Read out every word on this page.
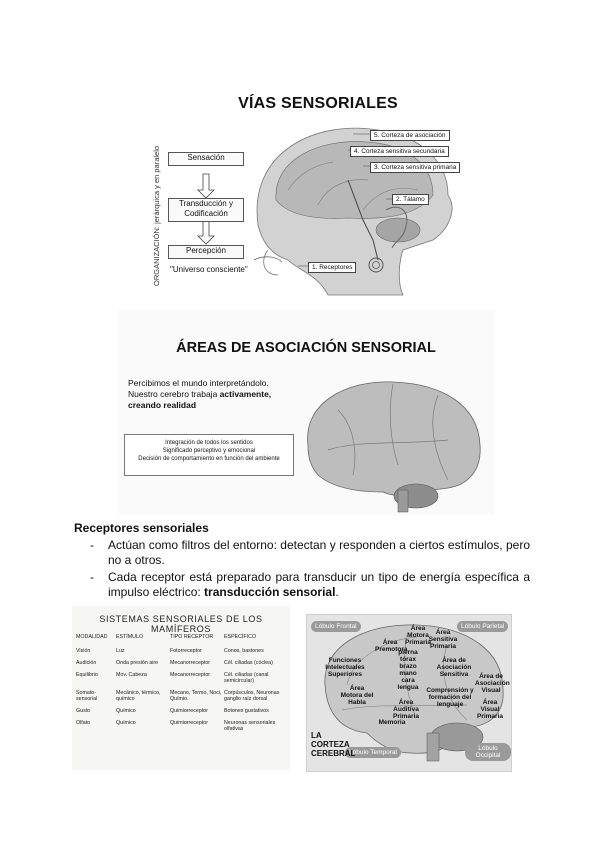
VÍAS SENSORIALES
ORGANIZACIÓN: jerárquica y en paralelo	Sensación
Transducción y Codificación
Percepción
"Universo consciente"
5. Corteza de asociación
4. Corteza sensitiva secundaria
3. Corteza sensitiva primaria
2. Tálamo
1. Receptores
ÁREAS DE ASOCIACIÓN SENSORIAL
Percibimos el mundo interpretándolo.
Nuestro cerebro trabaja activamente,
creando realidad
Integración de todos los sentidos
Significado perceptivo y emocional
Decisión de comportamiento en función del ambiente
Receptores sensoriales
- Actúan como filtros del entorno: detectan y responden a ciertos estímulos, pero no a otros.
- Cada receptor está preparado para transducir un tipo de energía específica a impulso eléctrico: transducción sensorial.
SISTEMAS SENSORIALES DE LOS MAMÍFEROS
MODALIDAD	ESTÍMULO	TIPO RECEPTOR	ESPECÍFICO
Visión	Luz	Fotorreceptor	Conos, bastones
Audición	Onda presión aire	Mecanorreceptor	Cél. ciliadas (cóclea)
Equilibrio	Mov. Cabeza	Mecanorreceptor	Cél. ciliadas (canal semicircular)
Somato-sensorial	Mecánico, térmico, químico	Mecano, Termo, Noci, Químio.	Corpúsculos, Neuronas ganglio raíz dorsal
Gusto	Químico	Quimiorreceptor	Botones gustativos
Olfato	Químico	Quimiorreceptor	Neuronas sensoriales olfativas
Lóbulo Frontal	Lóbulo Parietal
Lóbulo Temporal
Lóbulo Occipital
Área Motora Primaria
Área Sensitiva Primaria
Área Premotora
Funciones Intelectuales Superiores
pierna tórax brazo mano cara lengua
Área de Asociación Sensitiva	Área de Asociación Visual
Área Motora del Habla
Comprensión y formación del lenguaje	Área Visual Primaria
Área Auditiva Primaria
Memoria
LA CORTEZA CEREBRAL
